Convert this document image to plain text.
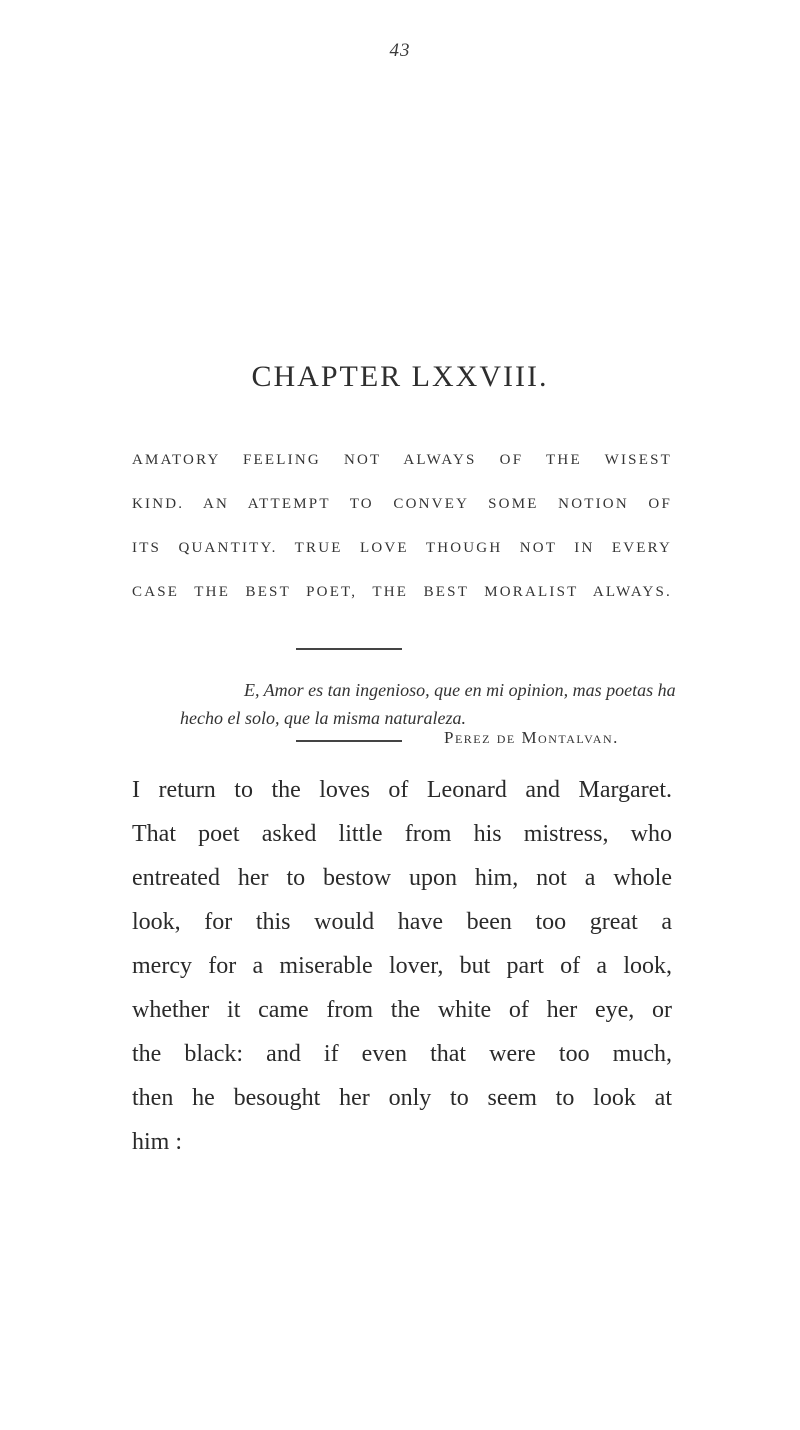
43
CHAPTER LXXVIII.
AMATORY FEELING NOT ALWAYS OF THE WISEST
KIND. AN ATTEMPT TO CONVEY SOME NOTION OF
ITS QUANTITY. TRUE LOVE THOUGH NOT IN EVERY
CASE THE BEST POET, THE BEST MORALIST ALWAYS.
E, Amor es tan ingenioso, que en mi opinion, mas poetas ha
hecho el solo, que la misma naturaleza.
Perez de Montalvan.
I return to the loves of Leonard and Margaret.
That poet asked little from his mistress, who
entreated her to bestow upon him, not a whole
look, for this would have been too great a
mercy for a miserable lover, but part of a look,
whether it came from the white of her eye, or
the black: and if even that were too much,
then he besought her only to seem to look at
him :
